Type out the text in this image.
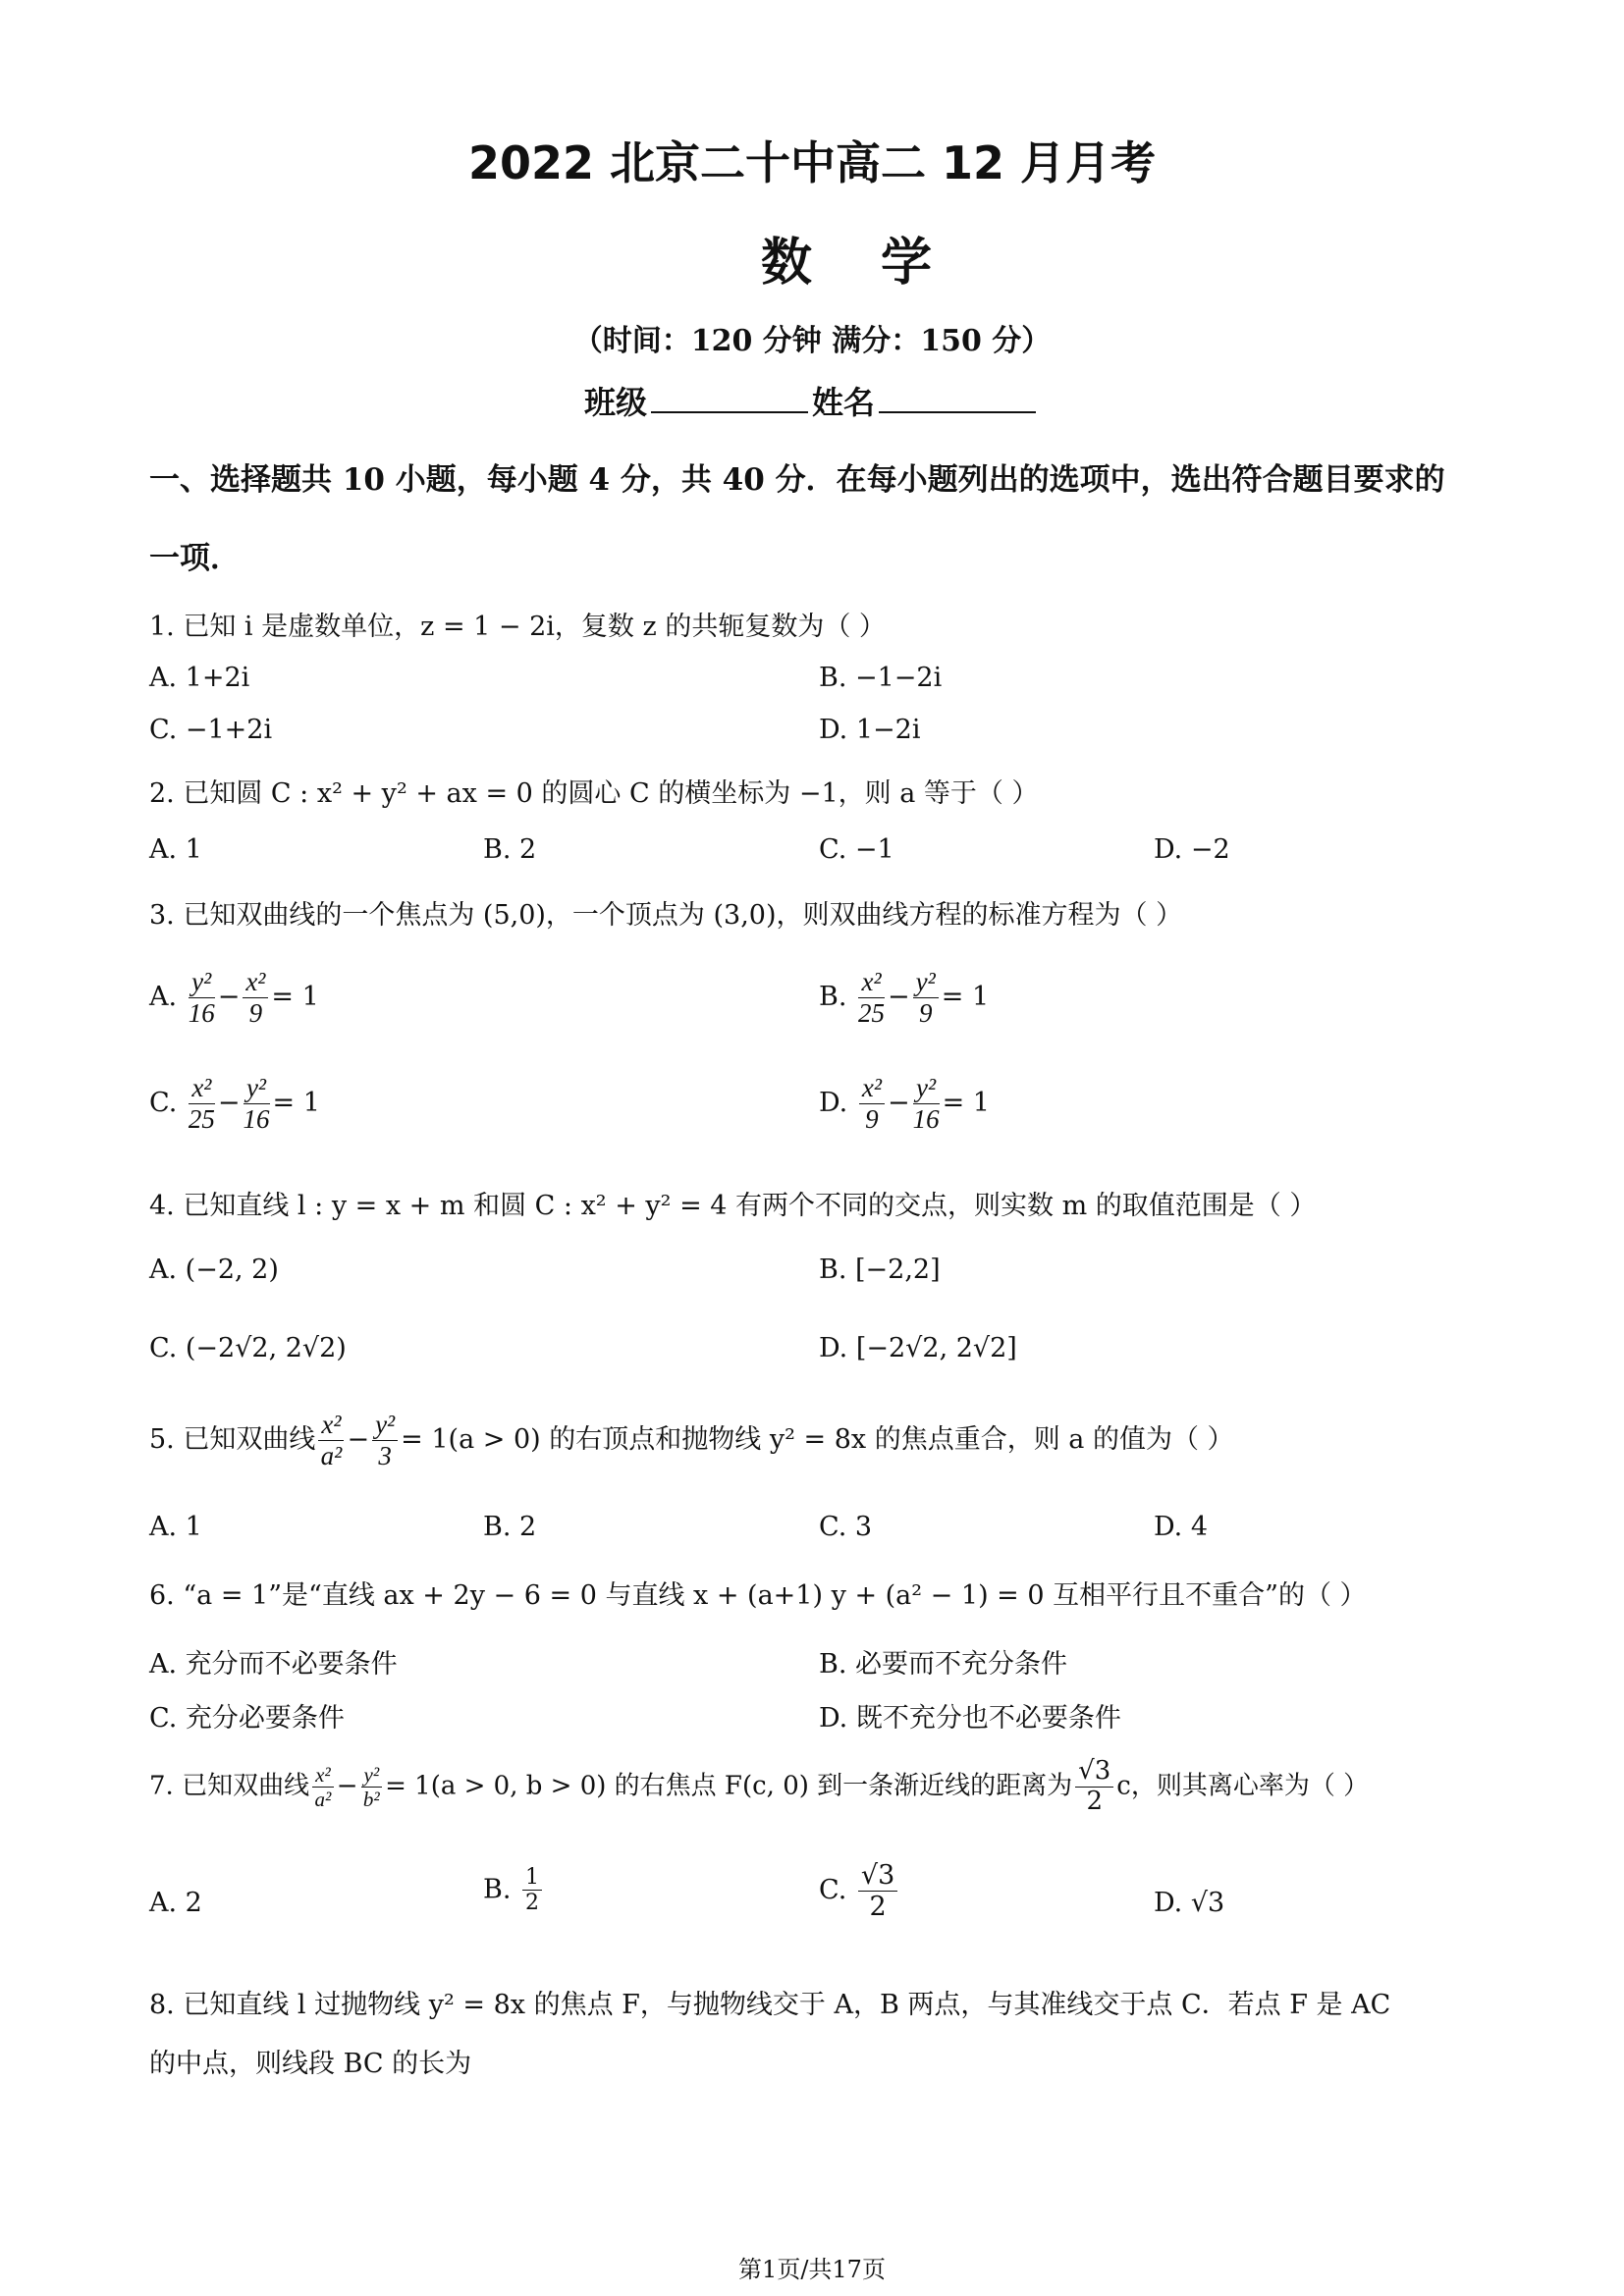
2022 北京二十中高二 12 月月考
数学
（时间：120 分钟 满分：150 分）
班级	姓名
一、选择题共 10 小题，每小题 4 分，共 40 分．在每小题列出的选项中，选出符合题目要求的
一项．
1. 已知 i 是虚数单位，z = 1 − 2i，复数 z 的共轭复数为（ ）
A. 1+2i	B. −1−2i
C. −1+2i	D. 1−2i
2. 已知圆 C : x² + y² + ax = 0 的圆心 C 的横坐标为 −1，则 a 等于（ ）
A. 1	B. 2	C. −1	D. −2
3. 已知双曲线的一个焦点为 (5,0)，一个顶点为 (3,0)，则双曲线方程的标准方程为（ ）
A. $\frac{\text{y²}}{16} - \frac{\text{x²}}{9} = 1$	B. $\frac{\text{x²}}{25} - \frac{\text{y²}}{9} = 1$
C. $\frac{\text{x²}}{25} - \frac{\text{y²}}{16} = 1$	D. $\frac{\text{x²}}{9} - \frac{\text{y²}}{16} = 1$
4. 已知直线 l : y = x + m 和圆 C : x² + y² = 4 有两个不同的交点，则实数 m 的取值范围是（ ）
A. (−2, 2)	B. [−2,2]
C. (−2√2, 2√2)	D. [−2√2, 2√2]
5. 已知双曲线 $\frac{\text{x²}}{\text{a²}} - \frac{\text{y²}}{3} = 1(a > 0)$ 的右顶点和抛物线 y² = 8x 的焦点重合，则 a 的值为（ ）
A. 1	B. 2	C. 3	D. 4
6. “a = 1”是“直线 ax + 2y − 6 = 0 与直线 x + (a+1) y + (a² − 1) = 0 互相平行且不重合”的（ ）
A. 充分而不必要条件	B. 必要而不充分条件
C. 充分必要条件	D. 既不充分也不必要条件
7. 已知双曲线 $\frac{\text{x²}}{\text{a²}} - \frac{\text{y²}}{\text{b²}} = 1(a > 0$, b > 0) 的右焦点 F(c, 0) 到一条渐近线的距离为 $\frac{√3}{2}$ c，则其离心率为（ ）
A. 2	B. $\frac{1}{2}$	C. $\frac{√3}{2}$	D. √3
8. 已知直线 l 过抛物线 y² = 8x 的焦点 F，与抛物线交于 A，B 两点，与其准线交于点 C．若点 F 是 AC
的中点，则线段 BC 的长为
第1页/共17页
